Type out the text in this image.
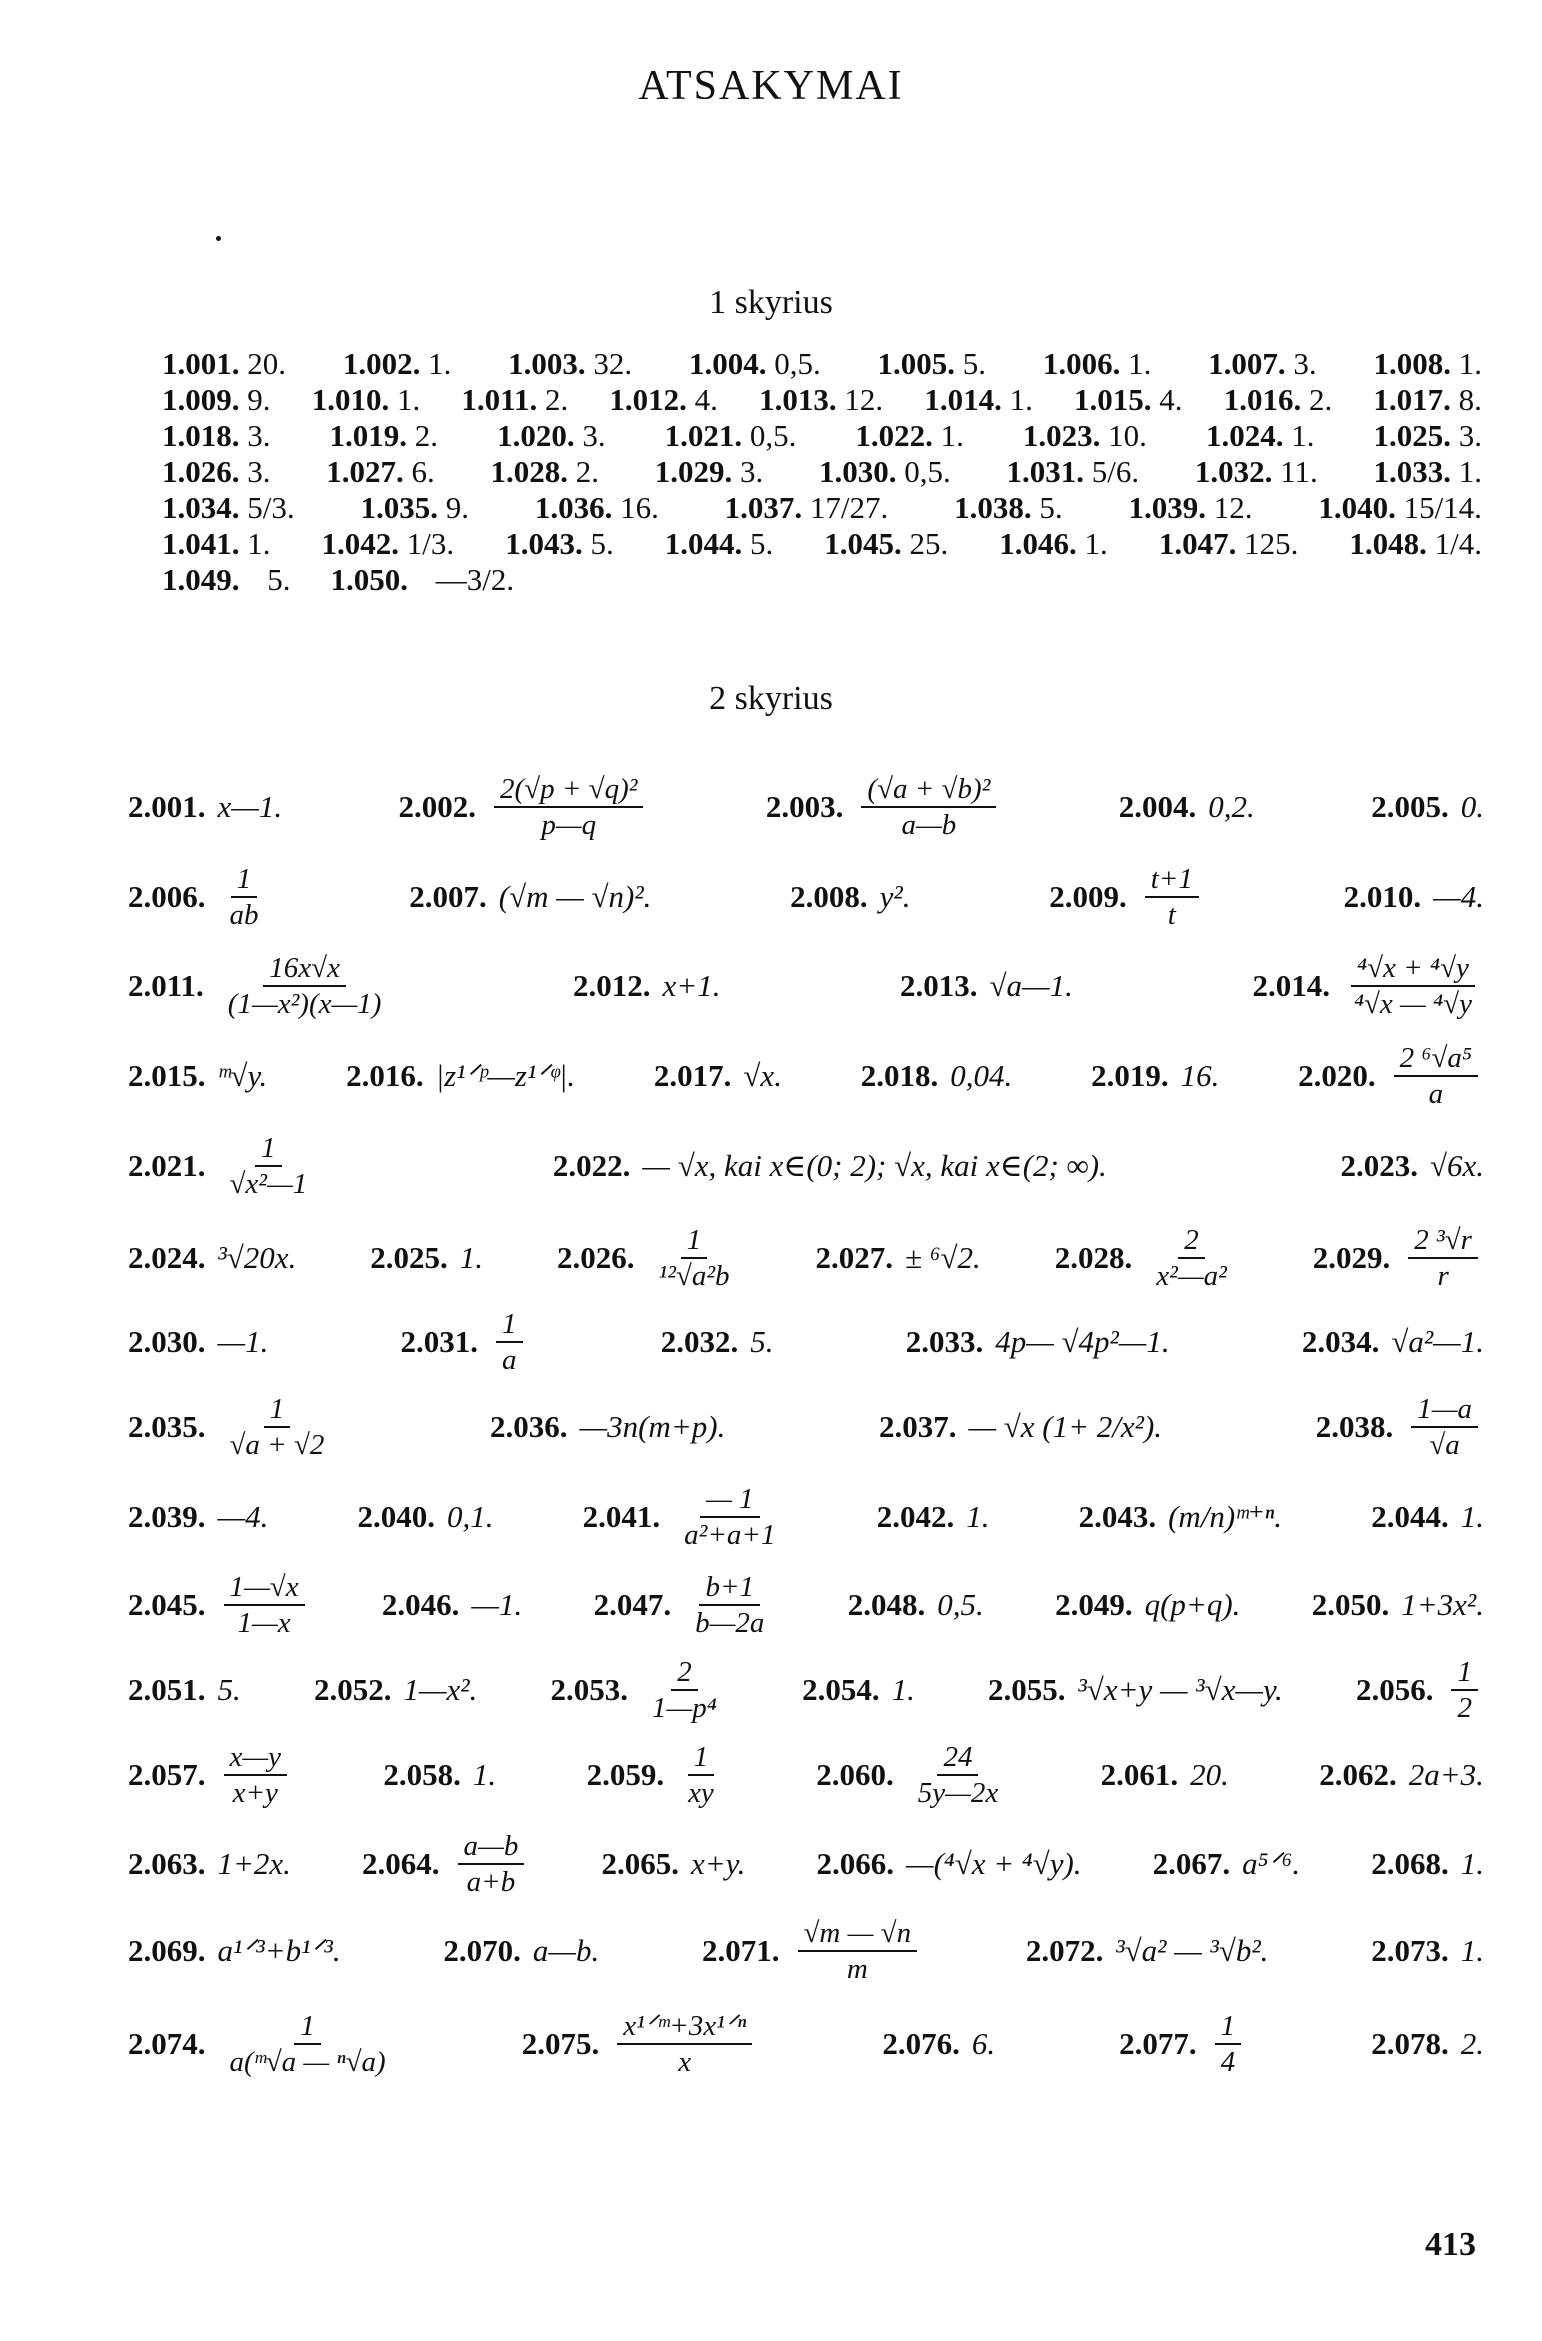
ATSAKYMAI
1 skyrius
1.001. 20. 1.002. 1. 1.003. 32. 1.004. 0,5. 1.005. 5. 1.006. 1. 1.007. 3. 1.008. 1.
1.009. 9. 1.010. 1. 1.011. 2. 1.012. 4. 1.013. 12. 1.014. 1. 1.015. 4. 1.016. 2. 1.017. 8.
1.018. 3. 1.019. 2. 1.020. 3. 1.021. 0,5. 1.022. 1. 1.023. 10. 1.024. 1. 1.025. 3.
1.026. 3. 1.027. 6. 1.028. 2. 1.029. 3. 1.030. 0,5. 1.031. 5/6. 1.032. 11. 1.033. 1.
1.034. 5/3. 1.035. 9. 1.036. 16. 1.037. 17/27. 1.038. 5. 1.039. 12. 1.040. 15/14.
1.041. 1. 1.042. 1/3. 1.043. 5. 1.044. 5. 1.045. 25. 1.046. 1. 1.047. 125. 1.048. 1/4.
1.049. 5.	1.050. —3/2.
2 skyrius
2.001. x—1.	2.002. $\frac{\text{2(√p + √q)²}}{p—q}$	2.003. $\frac{\text{(√a + √b)²}}{a—b}$	2.004. 0,2.	2.005. 0.
2.006. $\frac{1}{ab}$	2.007. (√m — √n)².	2.008. y².	2.009. $\frac{t+1}{t}$	2.010. —4.
2.011. $\frac{16x√x}{\text{(1—x²)(x—1)}}$	2.012. x+1.	2.013. √a—1.	2.014. $\frac{\text{⁴√x + ⁴√y}}{\text{⁴√x — ⁴√y}}$
2.015. ᵐ√y.	2.016. |z¹ᐟᵖ—z¹ᐟᵠ|.	2.017. √x.	2.018. 0,04.	2.019. 16.	2.020. $\frac{\text{2 ⁶√a⁵}}{a}$
2.021. $\frac{1}{\text{√x²—1}}$	2.022. — √x, kai x∈(0; 2); √x, kai x∈(2; ∞).	2.023. √6x.
2.024. ³√20x. 2.025. 1. 2.026. $\frac{1}{\text{¹²√a²b}}$	2.027. ± ⁶√2. 2.028. $\frac{2}{\text{x²—a²}}$	2.029. $\frac{\text{2 ³√r}}{r}$
2.030. —1.	2.031. $\frac{1}{a}$	2.032. 5.	2.033. 4p— √4p²—1.	2.034. √a²—1.
2.035. $\frac{1}{√a + √2}$	2.036. —3n(m+p).	2.037. — √x (1+ 2/x²).	2.038. $\frac{1—a}{√a}$
2.039. —4.	2.040. 0,1.	2.041. $\frac{— 1}{\text{a²+a+1}}$	2.042. 1.	2.043. (m/n)ᵐ⁺ⁿ.	2.044. 1.
2.045. $\frac{1—√x}{1—x} 2.046$. —1. 2.047. $\frac{b+1}{b—2a} 2.048$. 0,5. 2.049. q(p+q). 2.050. 1+3x².
2.051. 5. 2.052. 1—x². 2.053. $\frac{2}{\text{1—p⁴}}$	2.054. 1. 2.055. ³√x+y — ³√x—y. 2.056. $\frac{1}{2}$
2.057. $\frac{x—y}{x+y}$	2.058. 1.	2.059. $\frac{1}{xy}$	2.060. $\frac{24}{5y—2x}$	2.061. 20.	2.062. 2a+3.
2.063. 1+2x. 2.064. $\frac{a—b}{a+b} 2.065$. x+y. 2.066. —(⁴√x + ⁴√y). 2.067. a⁵ᐟ⁶. 2.068. 1.
2.069. a¹ᐟ³+b¹ᐟ³.	2.070. a—b.	2.071. $\frac{√m — √n}{m}$	2.072. ³√a² — ³√b².	2.073. 1.
2.074. $\frac{1}{\text{a(ᵐ√a — ⁿ√a)}}$	2.075. $\frac{\text{x¹ᐟᵐ+3x¹ᐟⁿ}}{x}$	2.076. 6.	2.077. $\frac{1}{4}$	2.078. 2.
413
